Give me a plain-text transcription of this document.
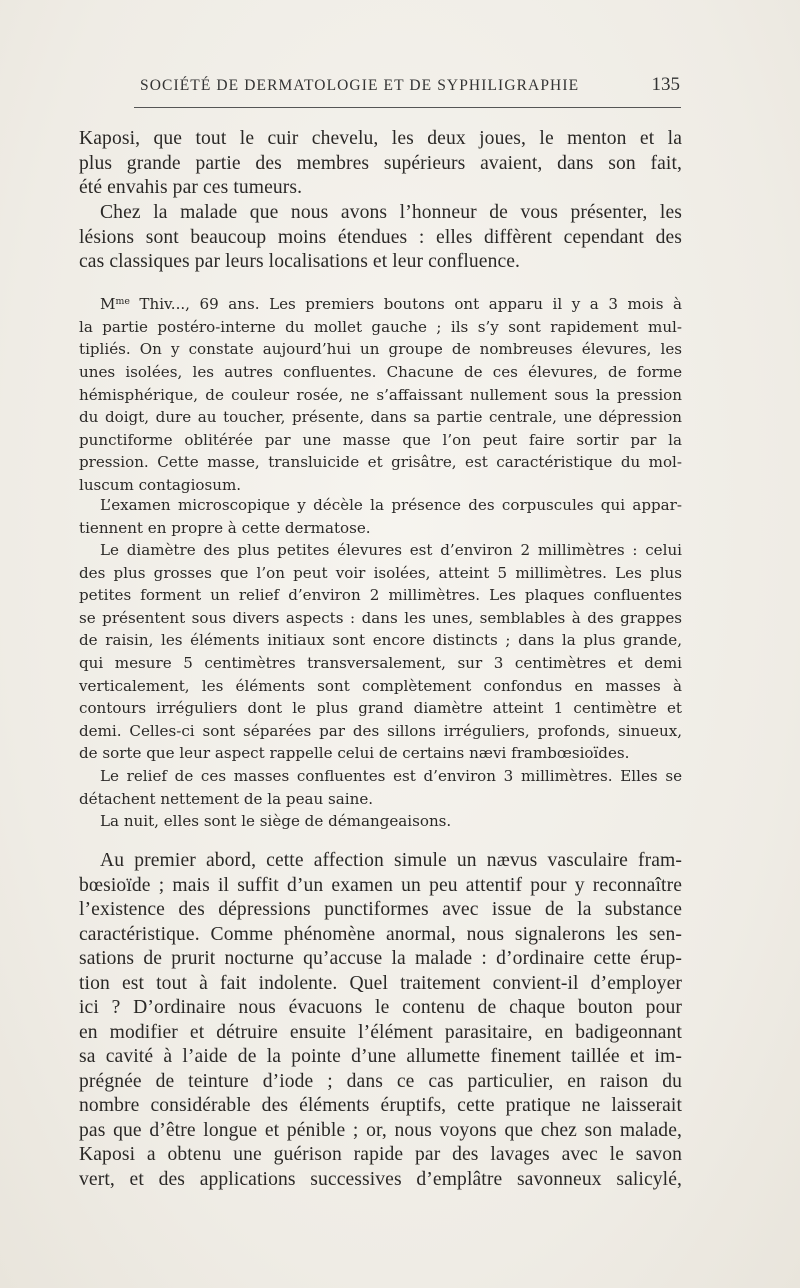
SOCIÉTÉ DE DERMATOLOGIE ET DE SYPHILIGRAPHIE	135
Kaposi, que tout le cuir chevelu, les deux joues, le menton et la
plus grande partie des membres supérieurs avaient, dans son fait,
été envahis par ces tumeurs.
Chez la malade que nous avons l’honneur de vous présenter, les
lésions sont beaucoup moins étendues : elles diffèrent cependant des
cas classiques par leurs localisations et leur confluence.
$M^{me}$ Thiv..., 69 ans. Les premiers boutons ont apparu il y a 3 mois à
la partie postéro-interne du mollet gauche ; ils s’y sont rapidement mul-
tipliés. On y constate aujourd’hui un groupe de nombreuses élevures, les
unes isolées, les autres confluentes. Chacune de ces élevures, de forme
hémisphérique, de couleur rosée, ne s’affaissant nullement sous la pression
du doigt, dure au toucher, présente, dans sa partie centrale, une dépression
punctiforme oblitérée par une masse que l’on peut faire sortir par la
pression. Cette masse, transluicide et grisâtre, est caractéristique du mol-
luscum contagiosum.
L’examen microscopique y décèle la présence des corpuscules qui appar-
tiennent en propre à cette dermatose.
Le diamètre des plus petites élevures est d’environ 2 millimètres : celui
des plus grosses que l’on peut voir isolées, atteint 5 millimètres. Les plus
petites forment un relief d’environ 2 millimètres. Les plaques confluentes
se présentent sous divers aspects : dans les unes, semblables à des grappes
de raisin, les éléments initiaux sont encore distincts ; dans la plus grande,
qui mesure 5 centimètres transversalement, sur 3 centimètres et demi
verticalement, les éléments sont complètement confondus en masses à
contours irréguliers dont le plus grand diamètre atteint 1 centimètre et
demi. Celles-ci sont séparées par des sillons irréguliers, profonds, sinueux,
de sorte que leur aspect rappelle celui de certains nævi frambœsioïdes.
Le relief de ces masses confluentes est d’environ 3 millimètres. Elles se
détachent nettement de la peau saine.
La nuit, elles sont le siège de démangeaisons.
Au premier abord, cette affection simule un nævus vasculaire fram-
bœsioïde ; mais il suffit d’un examen un peu attentif pour y reconnaître
l’existence des dépressions punctiformes avec issue de la substance
caractéristique. Comme phénomène anormal, nous signalerons les sen-
sations de prurit nocturne qu’accuse la malade : d’ordinaire cette érup-
tion est tout à fait indolente. Quel traitement convient-il d’employer
ici ? D’ordinaire nous évacuons le contenu de chaque bouton pour
en modifier et détruire ensuite l’élément parasitaire, en badigeonnant
sa cavité à l’aide de la pointe d’une allumette finement taillée et im-
prégnée de teinture d’iode ; dans ce cas particulier, en raison du
nombre considérable des éléments éruptifs, cette pratique ne laisserait
pas que d’être longue et pénible ; or, nous voyons que chez son malade,
Kaposi a obtenu une guérison rapide par des lavages avec le savon
vert, et des applications successives d’emplâtre savonneux salicylé,
